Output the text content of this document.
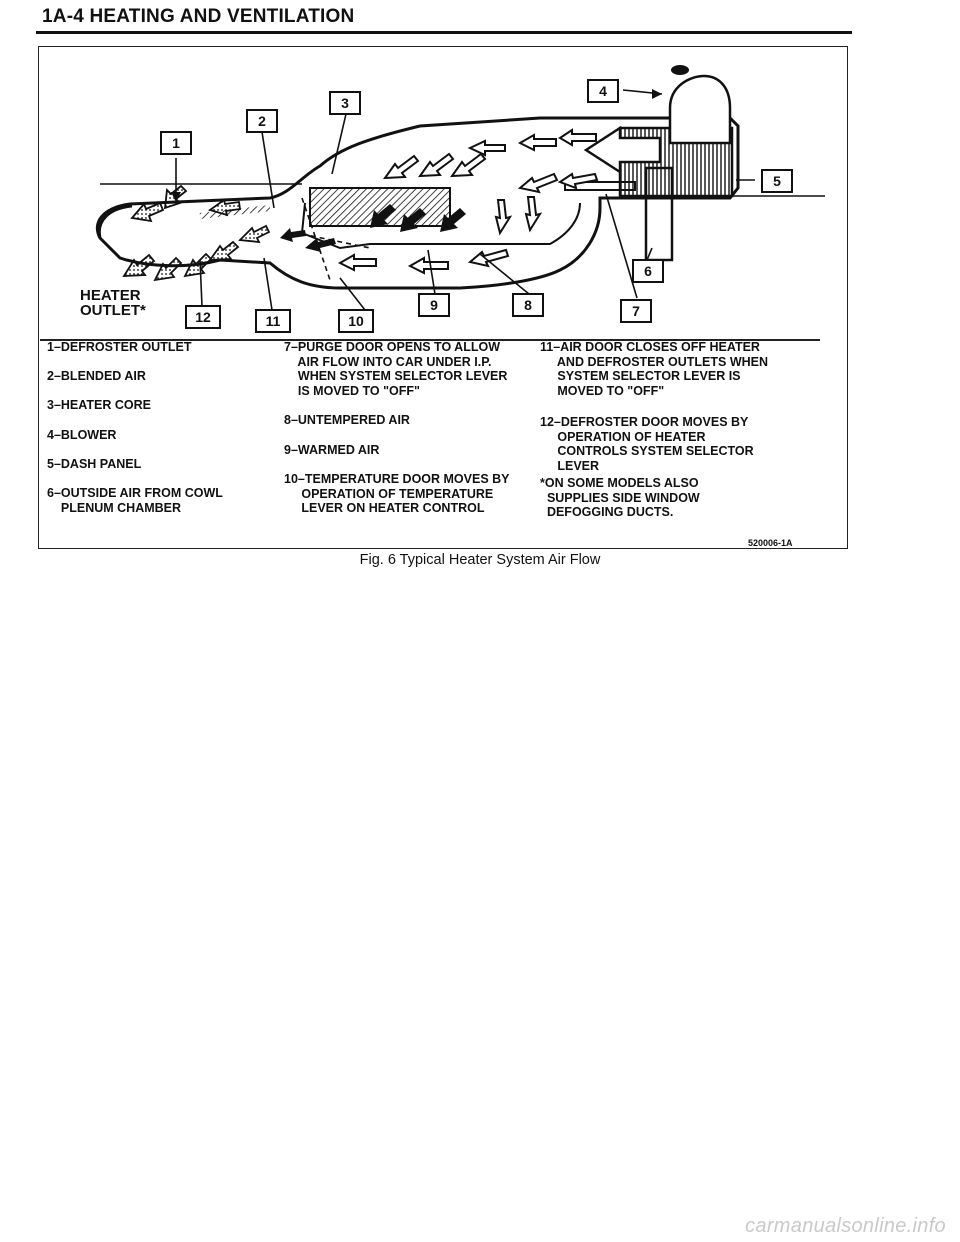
1A-4 HEATING AND VENTILATION
1
2
3
4
5
6
7
8
9
10
11
12
HEATER
OUTLET*
1–DEFROSTER OUTLET
2–BLENDED AIR
3–HEATER CORE
4–BLOWER
5–DASH PANEL
6–OUTSIDE AIR FROM COWL
PLENUM CHAMBER
7–PURGE DOOR OPENS TO ALLOW
AIR FLOW INTO CAR UNDER I.P.
WHEN SYSTEM SELECTOR LEVER
IS MOVED TO "OFF"
8–UNTEMPERED AIR
9–WARMED AIR
10–TEMPERATURE DOOR MOVES BY
OPERATION OF TEMPERATURE
LEVER ON HEATER CONTROL
11–AIR DOOR CLOSES OFF HEATER
AND DEFROSTER OUTLETS WHEN
SYSTEM SELECTOR LEVER IS
MOVED TO "OFF"
12–DEFROSTER DOOR MOVES BY
OPERATION OF HEATER
CONTROLS SYSTEM SELECTOR
LEVER
*ON SOME MODELS ALSO
SUPPLIES SIDE WINDOW
DEFOGGING DUCTS.
520006-1A
Fig. 6 Typical Heater System Air Flow
carmanualsonline.info
